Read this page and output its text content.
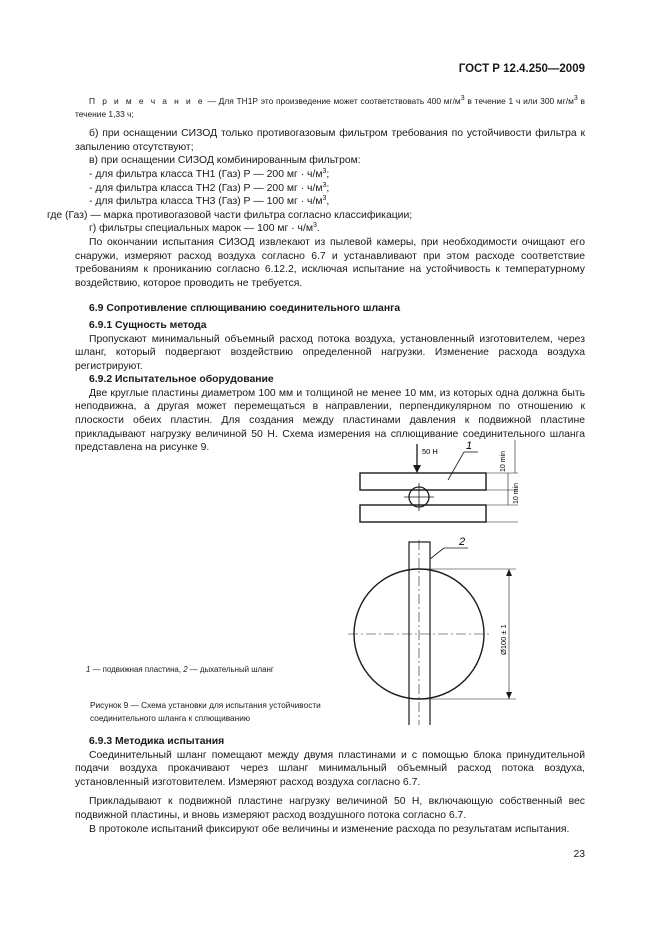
ГОСТ Р 12.4.250—2009

П р и м е ч а н и е — Для ТН1Р это произведение может соответствовать 400 $мг/м^3$ в течение 1 ч или 300 $мг/м^3$ в течение 1,33 ч;

б) при оснащении СИЗОД только противогазовым фильтром требования по устойчивости фильтра к запылению отсутствуют;

в) при оснащении СИЗОД комбинированным фильтром:

- для фильтра класса ТН1 (Газ) Р — 200 мг · $ч/м^3$;

- для фильтра класса ТН2 (Газ) Р — 200 мг · $ч/м^3$;

- для фильтра класса ТН3 (Газ) Р — 100 мг · $ч/м^3$,

где (Газ) — марка противогазовой части фильтра согласно классификации;

г) фильтры специальных марок — 100 мг · $ч/м^3$.

По окончании испытания СИЗОД извлекают из пылевой камеры, при необходимости очищают его снаружи, измеряют расход воздуха согласно 6.7 и устанавливают при этом расходе соответствие требованиям к прониканию согласно 6.12.2, исключая испытание на устойчивость к температурному воздействию, которое проводить не требуется.

6.9 Сопротивление сплющиванию соединительного шланга

6.9.1 Сущность метода

Пропускают минимальный объемный расход потока воздуха, установленный изготовителем, через шланг, который подвергают воздействию определенной нагрузки. Изменение расхода воздуха регистрируют.

6.9.2 Испытательное оборудование

Две круглые пластины диаметром 100 мм и толщиной не менее 10 мм, из которых одна должна быть неподвижна, а другая может перемещаться в направлении, перпендикулярном по отношению к плоскости обеих пластин. Для создания между пластинами давления к подвижной пластине прикладывают нагрузку величиной 50 Н. Схема измерения на сплющивание соединительного шланга представлена на рисунке 9.	50 Н	1
10 min
10 min
2
Ø100 ± 1
1 — подвижная пластина, 2 — дыхательный шланг
Рисунок 9 — Схема установки для испытания устойчивости соединительного шланга к сплющиванию

6.9.3 Методика испытания

Соединительный шланг помещают между двумя пластинами и с помощью блока принудительной подачи воздуха прокачивают через шланг минимальный объемный расход потока воздуха, установленный изготовителем. Измеряют расход воздуха согласно 6.7.

Прикладывают к подвижной пластине нагрузку величиной 50 Н, включающую собственный вес подвижной пластины, и вновь измеряют расход воздушного потока согласно 6.7.

В протоколе испытаний фиксируют обе величины и изменение расхода по результатам испытания.

23
